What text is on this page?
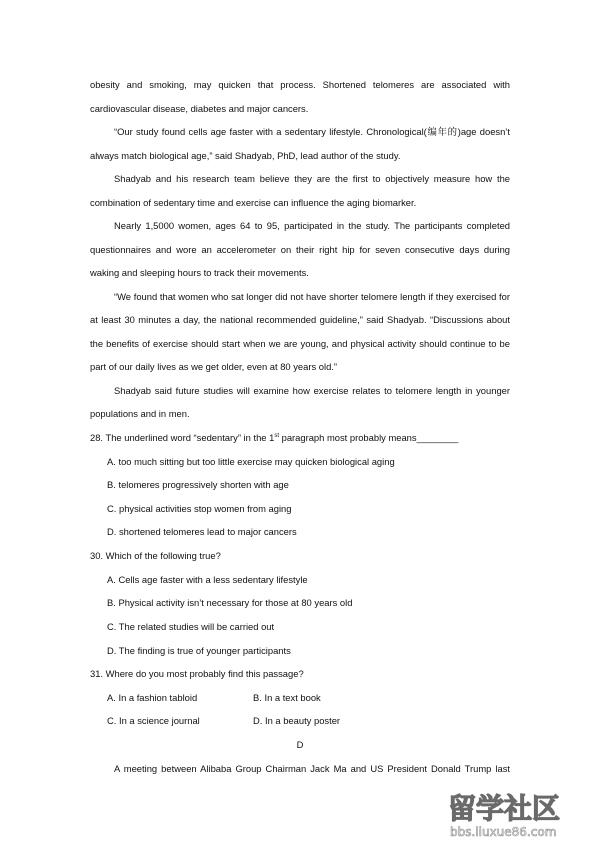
obesity and smoking, may quicken that process. Shortened telomeres are associated with cardiovascular disease, diabetes and major cancers.

“Our study found cells age faster with a sedentary lifestyle. Chronological(编年的)age doesn’t always match biological age,” said Shadyab, PhD, lead author of the study.

Shadyab and his research team believe they are the first to objectively measure how the combination of sedentary time and exercise can influence the aging biomarker.

Nearly 1,5000 women, ages 64 to 95, participated in the study. The participants completed questionnaires and wore an accelerometer on their right hip for seven consecutive days during waking and sleeping hours to track their movements.

“We found that women who sat longer did not have shorter telomere length if they exercised for at least 30 minutes a day, the national recommended guideline,” said Shadyab. “Discussions about the benefits of exercise should start when we are young, and physical activity should continue to be part of our daily lives as we get older, even at 80 years old.”

Shadyab said future studies will examine how exercise relates to telomere length in younger populations and in men.

28. The underlined word “sedentary” in the 1st paragraph most probably means________
A. too much sitting but too little exercise may quicken biological aging
B. telomeres progressively shorten with age
C. physical activities stop women from aging
D. shortened telomeres lead to major cancers
30. Which of the following true?
A. Cells age faster with a less sedentary lifestyle
B. Physical activity isn’t necessary for those at 80 years old
C. The related studies will be carried out
D. The finding is true of younger participants
31. Where do you most probably find this passage?
A. In a fashion tabloid	B. In a text book
C. In a science journal	D. In a beauty poster
D

A meeting between Alibaba Group Chairman Jack Ma and US President Donald Trump last

留学社区
bbs.liuxue86.com
